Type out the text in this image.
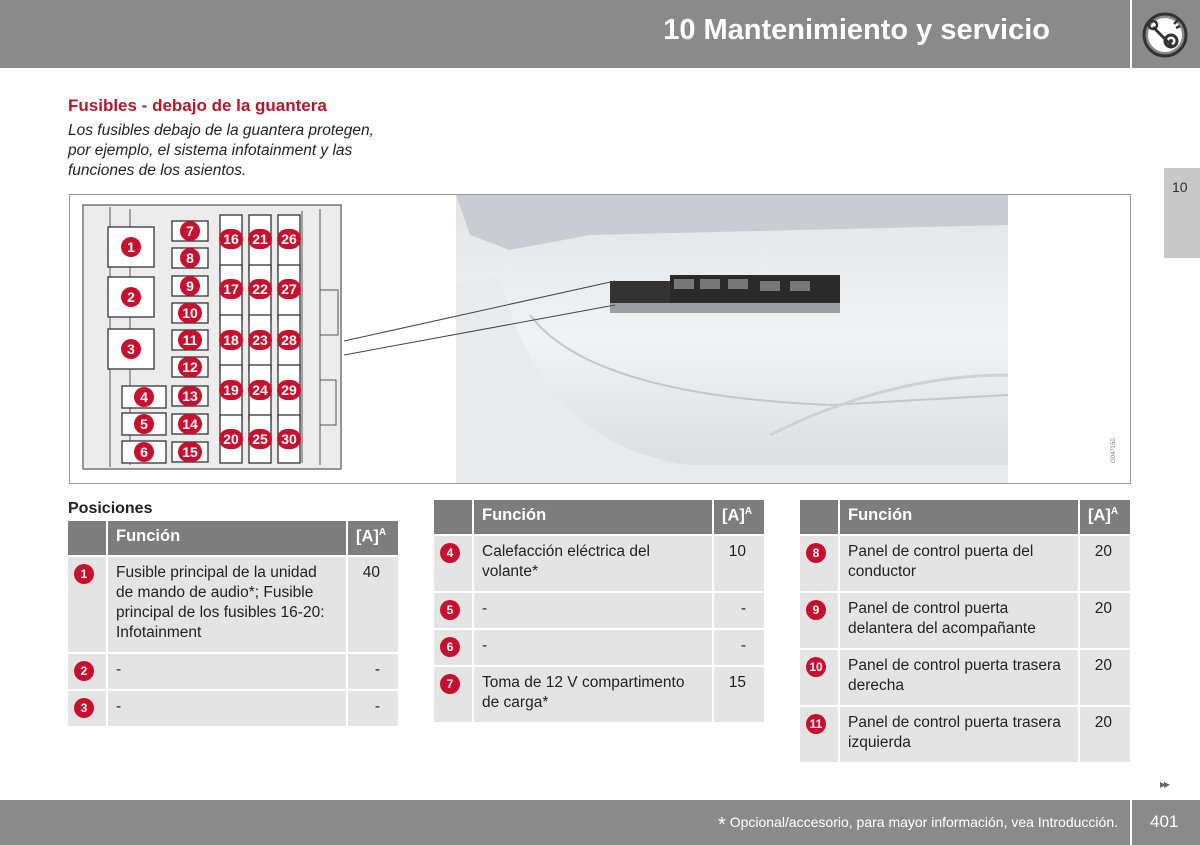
10 Mantenimiento y servicio
10
Fusibles - debajo de la guantera
Los fusibles debajo de la guantera protegen, por ejemplo, el sistema infotainment y las funciones de los asientos.
1
2
3
4
5
6
7
8
9
10
11
12
13
14
15
16
17
18
19
20
21
22
23
24
25
26
27
28
29
30	G047150
Posiciones
	Función	$[A]^A$
1	Fusible principal de la unidad de mando de audio*; Fusible principal de los fusibles 16-20: Infotainment	40
2	-	-
3	-	-
	Función	$[A]^A$
4	Calefacción eléctrica del volante*	10
5	-	-
6	-	-
7	Toma de 12 V compartimento de carga*	15
	Función	$[A]^A$
8	Panel de control puerta del conductor	20
9	Panel de control puerta delantera del acompañante	20
10	Panel de control puerta trasera derecha	20
11	Panel de control puerta trasera izquierda	20
▸▸
* Opcional/accesorio, para mayor información, vea Introducción. 401
